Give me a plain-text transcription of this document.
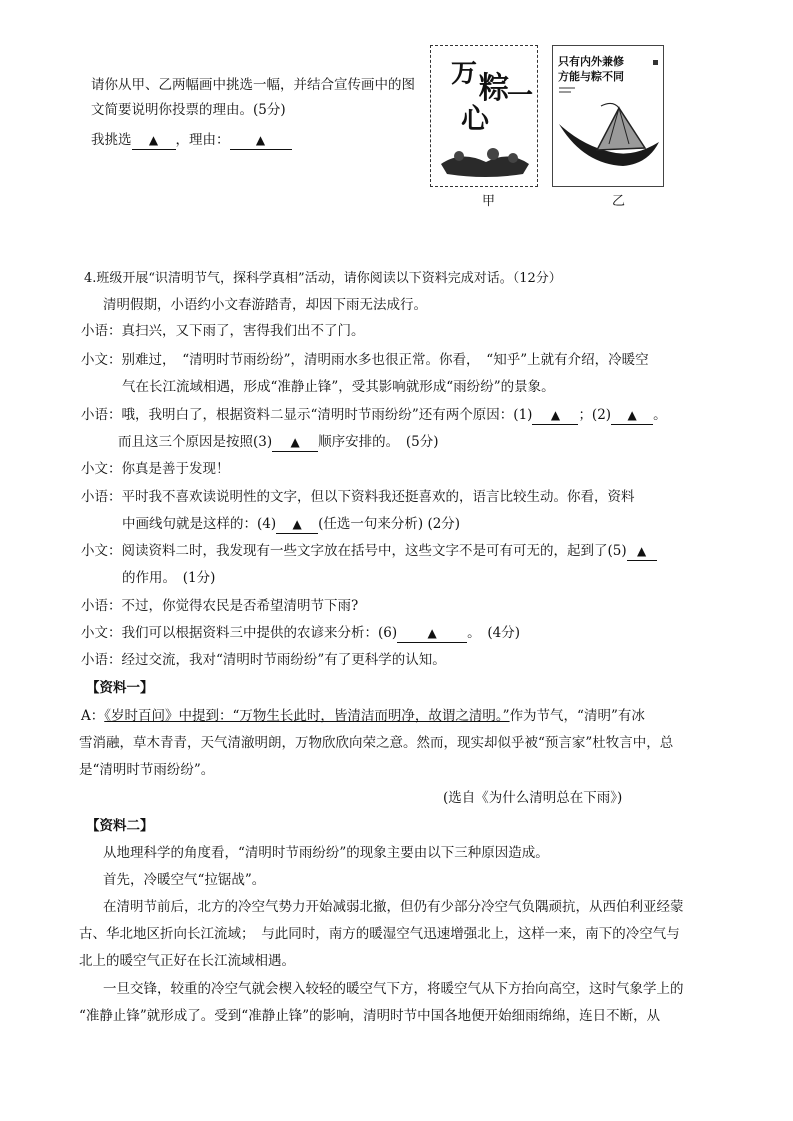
请你从甲、乙两幅画中挑选一幅，并结合宣传画中的图
文简要说明你投票的理由。(5分)
我挑选 ▲ ，理由： ▲
万 粽
一
心
甲
只有内外兼修
方能与粽不同
乙
4.班级开展“识清明节气，探科学真相”活动，请你阅读以下资料完成对话。（12分）
清明假期，小语约小文春游踏青，却因下雨无法成行。
小语：真扫兴，又下雨了，害得我们出不了门。
小文：别难过，　“清明时节雨纷纷”，清明雨水多也很正常。你看，　“知乎”上就有介绍，冷暖空
气在长江流域相遇，形成“准静止锋”，受其影响就形成“雨纷纷”的景象。
小语：哦，我明白了，根据资料二显示“清明时节雨纷纷”还有两个原因：(1) ▲ ；(2) ▲ 。
而且这三个原因是按照(3) ▲ 顺序安排的。　(5分)
小文：你真是善于发现！
小语：平时我不喜欢读说明性的文字，但以下资料我还挺喜欢的，语言比较生动。你看，资料
中画线句就是这样的：(4) ▲ (任选一句来分析) (2分)
小文：阅读资料二时，我发现有一些文字放在括号中，这些文字不是可有可无的，起到了(5) ▲
的作用。　(1分)
小语：不过，你觉得农民是否希望清明节下雨?
小文：我们可以根据资料三中提供的农谚来分析：(6)	▲ 。　(4分)
小语：经过交流，我对“清明时节雨纷纷”有了更科学的认知。
【资料一】
A：《岁时百问》中提到：“万物生长此时，皆清洁而明净，故谓之清明。”作为节气，“清明”有冰
雪消融，草木青青，天气清澈明朗，万物欣欣向荣之意。然而，现实却似乎被“预言家”杜牧言中，总
是“清明时节雨纷纷”。
(选自《为什么清明总在下雨》)
【资料二】
从地理科学的角度看，“清明时节雨纷纷”的现象主要由以下三种原因造成。
首先，冷暖空气“拉锯战”。
在清明节前后，北方的冷空气势力开始减弱北撤，但仍有少部分冷空气负隅顽抗，从西伯利亚经蒙
古、华北地区折向长江流域；　与此同时，南方的暖湿空气迅速增强北上，这样一来，南下的冷空气与
北上的暖空气正好在长江流域相遇。
一旦交锋，较重的冷空气就会楔入较轻的暖空气下方，将暖空气从下方抬向高空，这时气象学上的
“准静止锋”就形成了。受到“准静止锋”的影响，清明时节中国各地便开始细雨绵绵，连日不断，从
